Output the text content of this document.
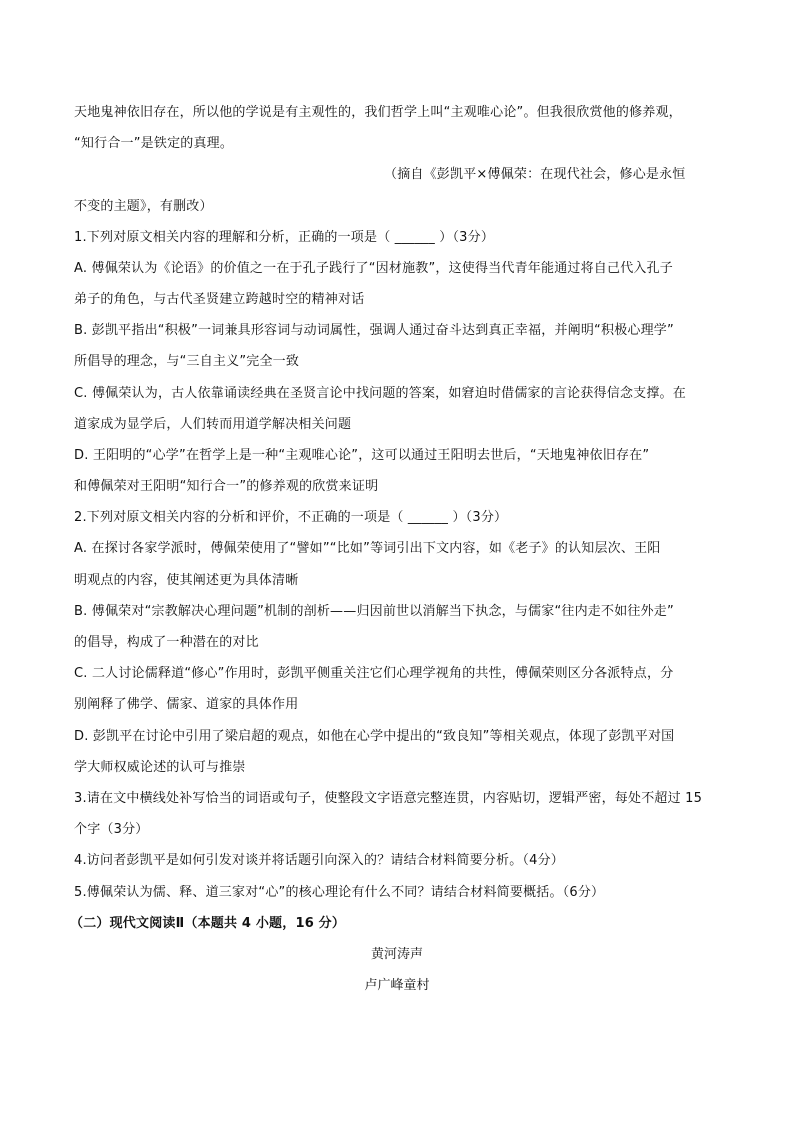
天地鬼神依旧存在，所以他的学说是有主观性的，我们哲学上叫“主观唯心论”。但我很欣赏他的修养观，
“知行合一”是铁定的真理。
（摘自《彭凯平×傅佩荣：在现代社会，修心是永恒
不变的主题》，有删改）
1.下列对原文相关内容的理解和分析，正确的一项是（ ______ ）（3分）
A. 傅佩荣认为《论语》的价值之一在于孔子践行了“因材施教”，这使得当代青年能通过将自己代入孔子
弟子的角色，与古代圣贤建立跨越时空的精神对话
B. 彭凯平指出“积极”一词兼具形容词与动词属性，强调人通过奋斗达到真正幸福，并阐明“积极心理学”
所倡导的理念，与“三自主义”完全一致
C. 傅佩荣认为，古人依靠诵读经典在圣贤言论中找问题的答案，如窘迫时借儒家的言论获得信念支撑。在
道家成为显学后，人们转而用道学解决相关问题
D. 王阳明的“心学”在哲学上是一种“主观唯心论”，这可以通过王阳明去世后，“天地鬼神依旧存在”
和傅佩荣对王阳明“知行合一”的修养观的欣赏来证明
2.下列对原文相关内容的分析和评价，不正确的一项是（ ______ ）（3分）
A. 在探讨各家学派时，傅佩荣使用了“譬如”“比如”等词引出下文内容，如《老子》的认知层次、王阳
明观点的内容，使其阐述更为具体清晰
B. 傅佩荣对“宗教解决心理问题”机制的剖析——归因前世以消解当下执念，与儒家“往内走不如往外走”
的倡导，构成了一种潜在的对比
C. 二人讨论儒释道“修心”作用时，彭凯平侧重关注它们心理学视角的共性，傅佩荣则区分各派特点，分
别阐释了佛学、儒家、道家的具体作用
D. 彭凯平在讨论中引用了梁启超的观点，如他在心学中提出的“致良知”等相关观点，体现了彭凯平对国
学大师权威论述的认可与推崇
3.请在文中横线处补写恰当的词语或句子，使整段文字语意完整连贯，内容贴切，逻辑严密，每处不超过 15
个字（3分）
4.访问者彭凯平是如何引发对谈并将话题引向深入的？请结合材料简要分析。（4分）
5.傅佩荣认为儒、释、道三家对“心”的核心理论有什么不同？请结合材料简要概括。（6分）
（二）现代文阅读Ⅱ（本题共 4 小题，16 分）
黄河涛声
卢广峰童村
